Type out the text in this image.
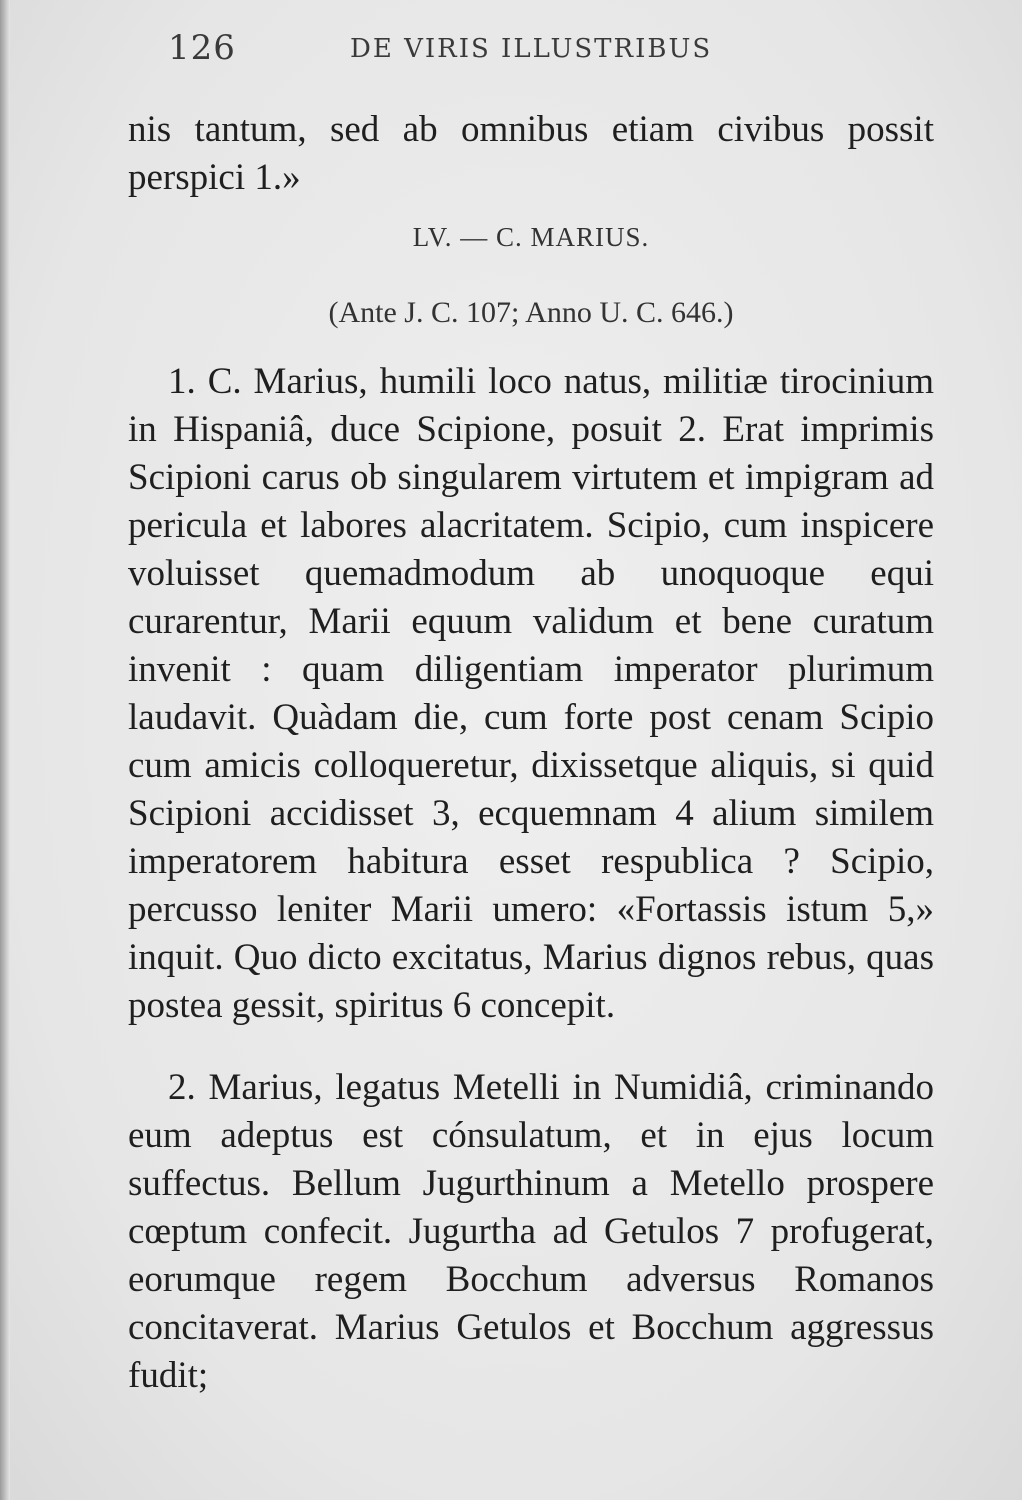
126	DE VIRIS ILLUSTRIBUS
nis tantum, sed ab omnibus etiam civibus possit perspici 1.»
LV. — C. MARIUS.
(Ante J. C. 107; Anno U. C. 646.)
1. C. Marius, humili loco natus, militiæ tirocinium in Hispaniâ, duce Scipione, posuit 2. Erat imprimis Scipioni carus ob singularem virtutem et impigram ad pericula et labores alacritatem. Scipio, cum inspicere voluisset quemadmodum ab unoquoque equi curarentur, Marii equum validum et bene curatum invenit : quam diligentiam imperator plurimum laudavit. Quàdam die, cum forte post cenam Scipio cum amicis colloqueretur, dixissetque aliquis, si quid Scipioni accidisset 3, ecquemnam 4 alium similem imperatorem habitura esset respublica ? Scipio, percusso leniter Marii umero: «Fortassis istum 5,» inquit. Quo dicto excitatus, Marius dignos rebus, quas postea gessit, spiritus 6 concepit.
2. Marius, legatus Metelli in Numidiâ, criminando eum adeptus est cónsulatum, et in ejus locum suffectus. Bellum Jugurthinum a Metello prospere cœptum confecit. Jugurtha ad Getulos 7 profugerat, eorumque regem Bocchum adversus Romanos concitaverat. Marius Getulos et Bocchum aggressus fudit;
